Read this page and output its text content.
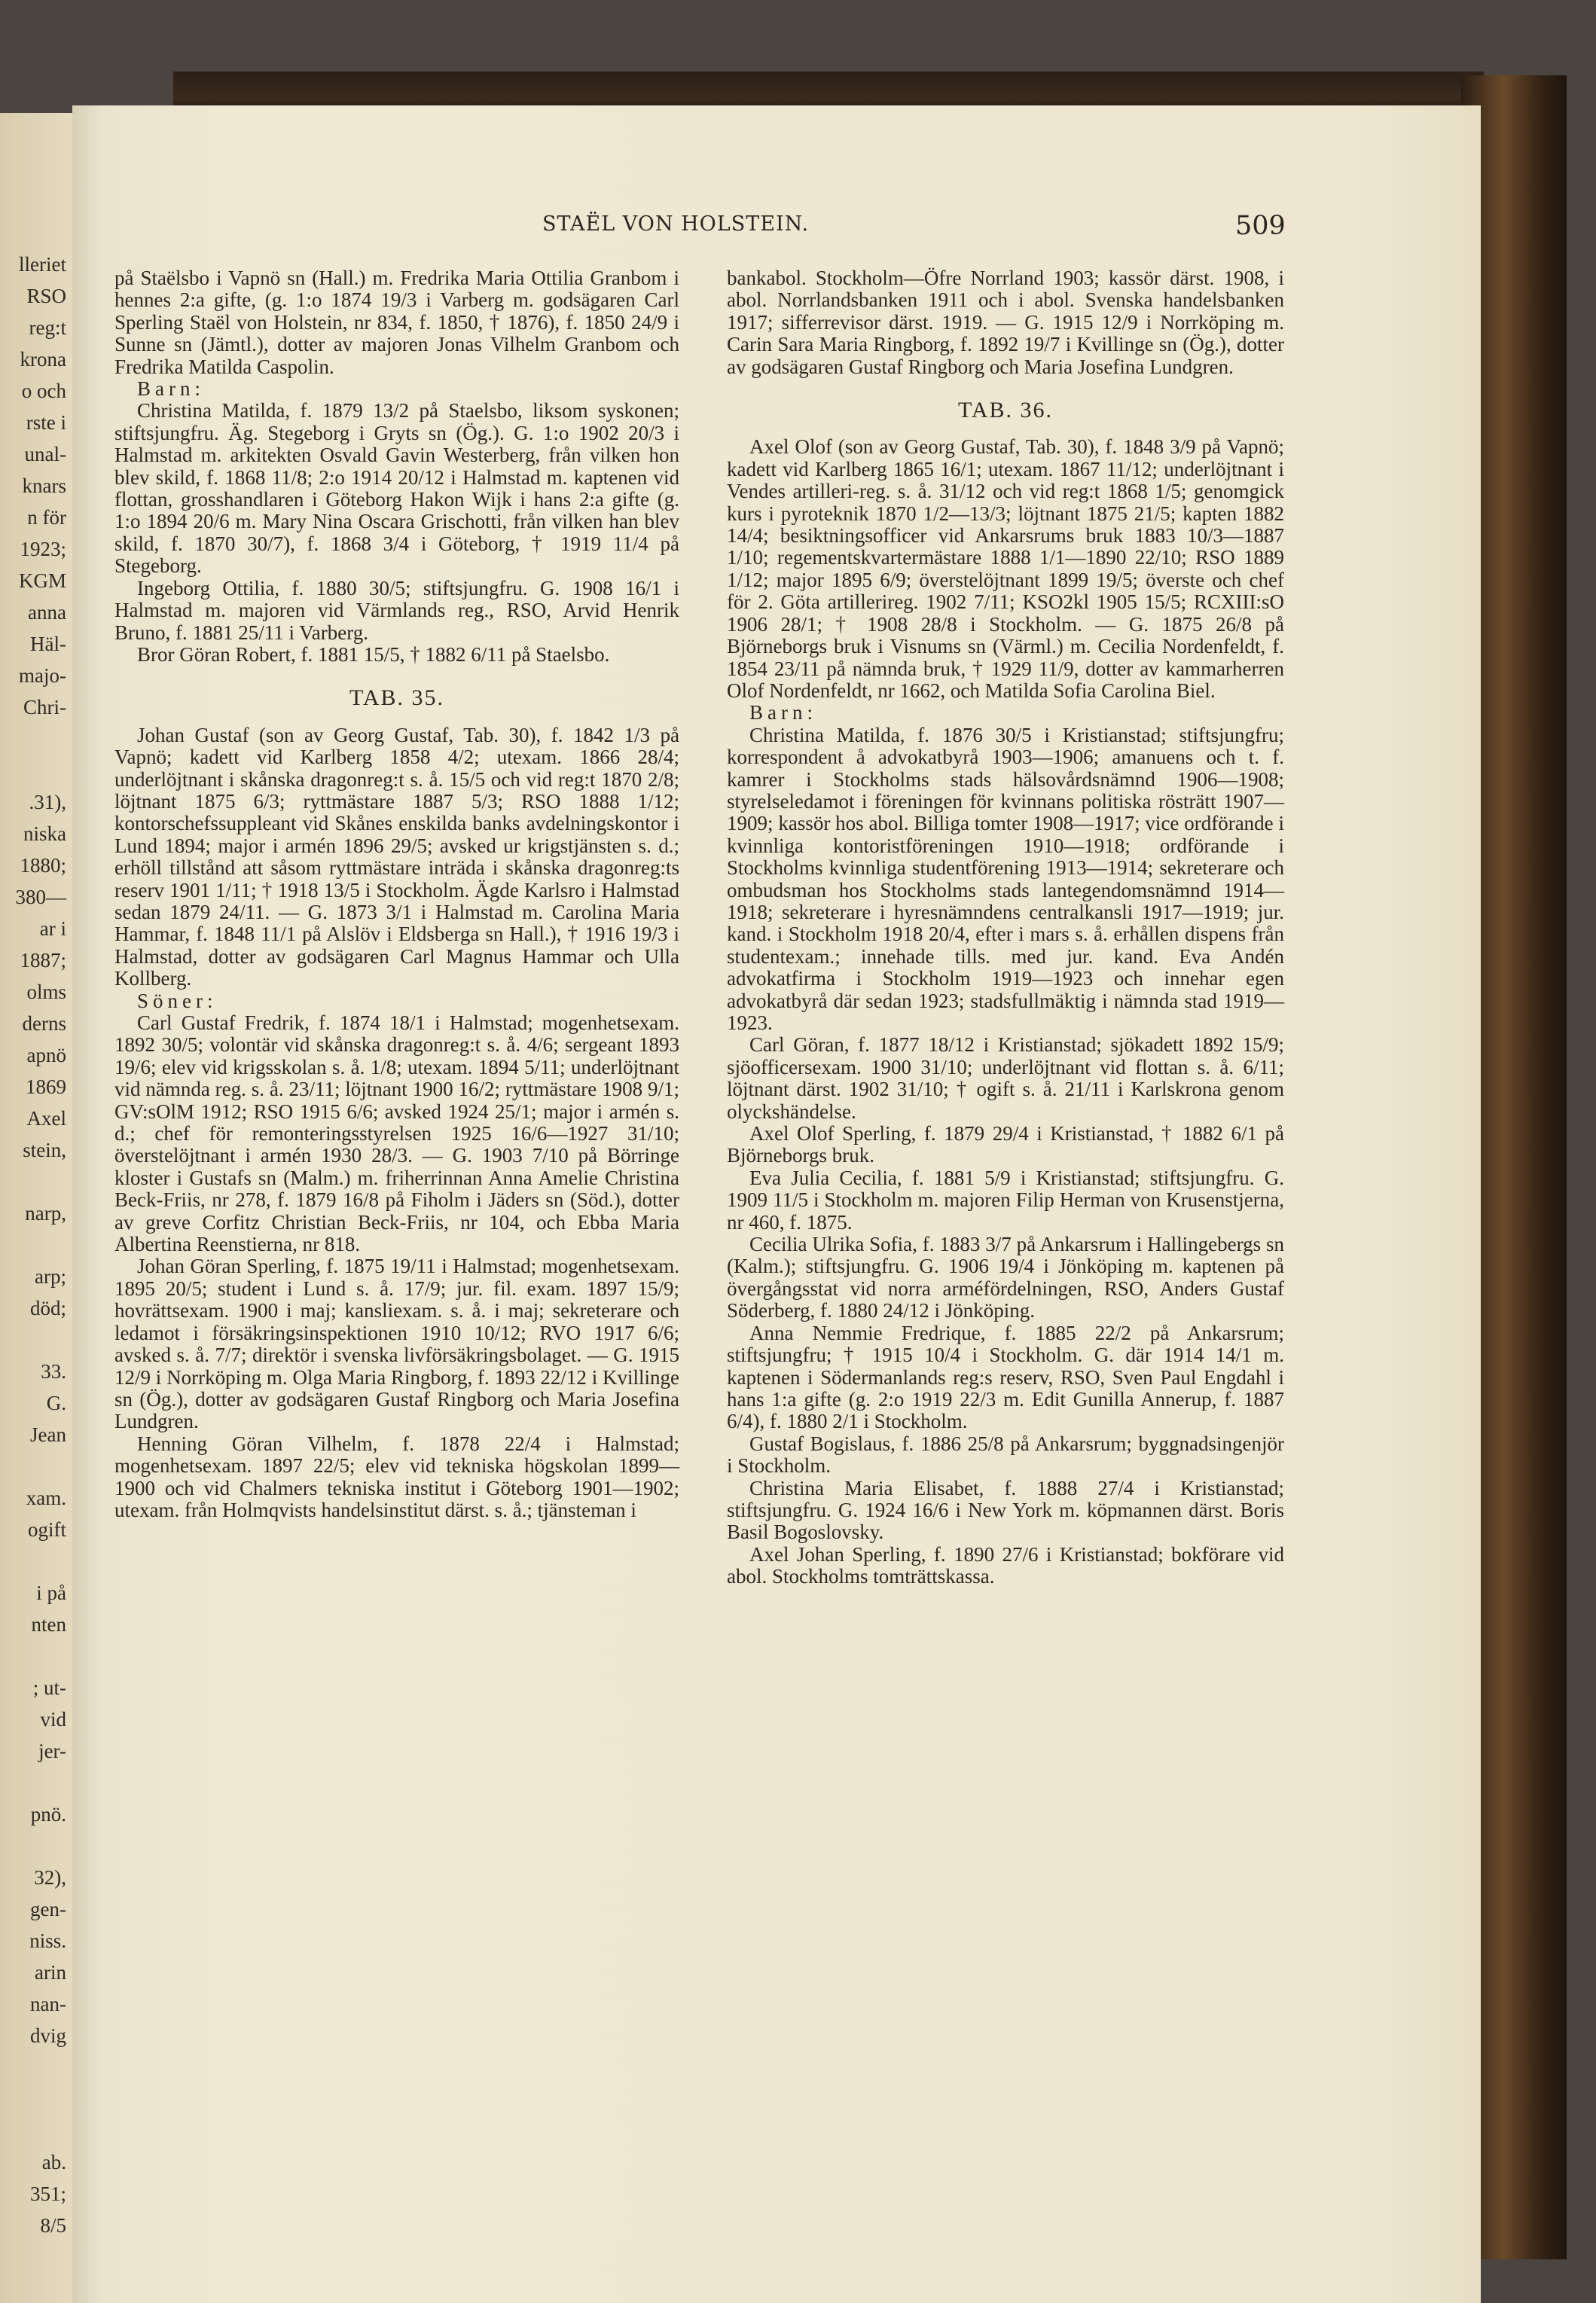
lleriet
RSO
reg:t
krona
o och
rste i
unal-
knars
n för
1923;
KGM
anna
Häl-
majo-
Chri-
.31),
niska
1880;
380—
ar i
1887;
olms
derns
apnö
1869
Axel
stein,
narp,
arp;
död;
33.
G.
Jean
xam.
ogift
i på
nten
; ut-
vid
jer-
pnö.
32),
gen-
niss.
arin
nan-
dvig
ab.
351;
8/5
STAËL VON HOLSTEIN.	509

på Staëlsbo i Vapnö sn (Hall.) m. Fredrika Maria Ottilia Granbom i hennes 2:a gifte, (g. 1:o 1874 19/3 i Varberg m. godsägaren Carl Sperling Staël von Holstein, nr 834, f. 1850, † 1876), f. 1850 24/9 i Sunne sn (Jämtl.), dotter av majoren Jonas Vilhelm Granbom och Fredrika Matilda Caspolin.

Barn:

Christina Matilda, f. 1879 13/2 på Staelsbo, liksom syskonen; stiftsjungfru. Äg. Stegeborg i Gryts sn (Ög.). G. 1:o 1902 20/3 i Halmstad m. arkitekten Osvald Gavin Westerberg, från vilken hon blev skild, f. 1868 11/8; 2:o 1914 20/12 i Halmstad m. kaptenen vid flottan, grosshandlaren i Göteborg Hakon Wijk i hans 2:a gifte (g. 1:o 1894 20/6 m. Mary Nina Oscara Grischotti, från vilken han blev skild, f. 1870 30/7), f. 1868 3/4 i Göteborg, † 1919 11/4 på Stegeborg.

Ingeborg Ottilia, f. 1880 30/5; stiftsjungfru. G. 1908 16/1 i Halmstad m. majoren vid Värmlands reg., RSO, Arvid Henrik Bruno, f. 1881 25/11 i Varberg.

Bror Göran Robert, f. 1881 15/5, † 1882 6/11 på Staelsbo.

TAB. 35.

Johan Gustaf (son av Georg Gustaf, Tab. 30), f. 1842 1/3 på Vapnö; kadett vid Karlberg 1858 4/2; utexam. 1866 28/4; underlöjtnant i skånska dragonreg:t s. å. 15/5 och vid reg:t 1870 2/8; löjtnant 1875 6/3; ryttmästare 1887 5/3; RSO 1888 1/12; kontorschefssuppleant vid Skånes enskilda banks avdelningskontor i Lund 1894; major i armén 1896 29/5; avsked ur krigstjänsten s. d.; erhöll tillstånd att såsom ryttmästare inträda i skånska dragonreg:ts reserv 1901 1/11; † 1918 13/5 i Stockholm. Ägde Karlsro i Halmstad sedan 1879 24/11. — G. 1873 3/1 i Halmstad m. Carolina Maria Hammar, f. 1848 11/1 på Alslöv i Eldsberga sn Hall.), † 1916 19/3 i Halmstad, dotter av godsägaren Carl Magnus Hammar och Ulla Kollberg.

Söner:

Carl Gustaf Fredrik, f. 1874 18/1 i Halmstad; mogenhetsexam. 1892 30/5; volontär vid skånska dragonreg:t s. å. 4/6; sergeant 1893 19/6; elev vid krigsskolan s. å. 1/8; utexam. 1894 5/11; underlöjtnant vid nämnda reg. s. å. 23/11; löjtnant 1900 16/2; ryttmästare 1908 9/1; GV:sOlM 1912; RSO 1915 6/6; avsked 1924 25/1; major i armén s. d.; chef för remonteringsstyrelsen 1925 16/6—1927 31/10; överstelöjtnant i armén 1930 28/3. — G. 1903 7/10 på Börringe kloster i Gustafs sn (Malm.) m. friherrinnan Anna Amelie Christina Beck-Friis, nr 278, f. 1879 16/8 på Fiholm i Jäders sn (Söd.), dotter av greve Corfitz Christian Beck-Friis, nr 104, och Ebba Maria Albertina Reenstierna, nr 818.

Johan Göran Sperling, f. 1875 19/11 i Halmstad; mogenhetsexam. 1895 20/5; student i Lund s. å. 17/9; jur. fil. exam. 1897 15/9; hovrättsexam. 1900 i maj; kansliexam. s. å. i maj; sekreterare och ledamot i försäkringsinspektionen 1910 10/12; RVO 1917 6/6; avsked s. å. 7/7; direktör i svenska livförsäkringsbolaget. — G. 1915 12/9 i Norrköping m. Olga Maria Ringborg, f. 1893 22/12 i Kvillinge sn (Ög.), dotter av godsägaren Gustaf Ringborg och Maria Josefina Lundgren.

Henning Göran Vilhelm, f. 1878 22/4 i Halmstad; mogenhetsexam. 1897 22/5; elev vid tekniska högskolan 1899—1900 och vid Chalmers tekniska institut i Göteborg 1901—1902; utexam. från Holmqvists handelsinstitut därst. s. å.; tjänsteman i

bankabol. Stockholm—Öfre Norrland 1903; kassör därst. 1908, i abol. Norrlandsbanken 1911 och i abol. Svenska handelsbanken 1917; sifferrevisor därst. 1919. — G. 1915 12/9 i Norrköping m. Carin Sara Maria Ringborg, f. 1892 19/7 i Kvillinge sn (Ög.), dotter av godsägaren Gustaf Ringborg och Maria Josefina Lundgren.

TAB. 36.

Axel Olof (son av Georg Gustaf, Tab. 30), f. 1848 3/9 på Vapnö; kadett vid Karlberg 1865 16/1; utexam. 1867 11/12; underlöjtnant i Vendes artilleri-reg. s. å. 31/12 och vid reg:t 1868 1/5; genomgick kurs i pyroteknik 1870 1/2—13/3; löjtnant 1875 21/5; kapten 1882 14/4; besiktningsofficer vid Ankarsrums bruk 1883 10/3—1887 1/10; regementskvartermästare 1888 1/1—1890 22/10; RSO 1889 1/12; major 1895 6/9; överstelöjtnant 1899 19/5; överste och chef för 2. Göta artillerireg. 1902 7/11; KSO2kl 1905 15/5; RCXIII:sO 1906 28/1; † 1908 28/8 i Stockholm. — G. 1875 26/8 på Björneborgs bruk i Visnums sn (Värml.) m. Cecilia Nordenfeldt, f. 1854 23/11 på nämnda bruk, † 1929 11/9, dotter av kammarherren Olof Nordenfeldt, nr 1662, och Matilda Sofia Carolina Biel.

Barn:

Christina Matilda, f. 1876 30/5 i Kristianstad; stiftsjungfru; korrespondent å advokatbyrå 1903—1906; amanuens och t. f. kamrer i Stockholms stads hälsovårdsnämnd 1906—1908; styrelseledamot i föreningen för kvinnans politiska rösträtt 1907—1909; kassör hos abol. Billiga tomter 1908—1917; vice ordförande i kvinnliga kontoristföreningen 1910—1918; ordförande i Stockholms kvinnliga studentförening 1913—1914; sekreterare och ombudsman hos Stockholms stads lantegendomsnämnd 1914—1918; sekreterare i hyresnämndens centralkansli 1917—1919; jur. kand. i Stockholm 1918 20/4, efter i mars s. å. erhållen dispens från studentexam.; innehade tills. med jur. kand. Eva Andén advokatfirma i Stockholm 1919—1923 och innehar egen advokatbyrå där sedan 1923; stadsfullmäktig i nämnda stad 1919—1923.

Carl Göran, f. 1877 18/12 i Kristianstad; sjökadett 1892 15/9; sjöofficersexam. 1900 31/10; underlöjtnant vid flottan s. å. 6/11; löjtnant därst. 1902 31/10; † ogift s. å. 21/11 i Karlskrona genom olyckshändelse.

Axel Olof Sperling, f. 1879 29/4 i Kristianstad, † 1882 6/1 på Björneborgs bruk.

Eva Julia Cecilia, f. 1881 5/9 i Kristianstad; stiftsjungfru. G. 1909 11/5 i Stockholm m. majoren Filip Herman von Krusenstjerna, nr 460, f. 1875.

Cecilia Ulrika Sofia, f. 1883 3/7 på Ankarsrum i Hallingebergs sn (Kalm.); stiftsjungfru. G. 1906 19/4 i Jönköping m. kaptenen på övergångsstat vid norra arméfördelningen, RSO, Anders Gustaf Söderberg, f. 1880 24/12 i Jönköping.

Anna Nemmie Fredrique, f. 1885 22/2 på Ankarsrum; stiftsjungfru; † 1915 10/4 i Stockholm. G. där 1914 14/1 m. kaptenen i Södermanlands reg:s reserv, RSO, Sven Paul Engdahl i hans 1:a gifte (g. 2:o 1919 22/3 m. Edit Gunilla Annerup, f. 1887 6/4), f. 1880 2/1 i Stockholm.

Gustaf Bogislaus, f. 1886 25/8 på Ankarsrum; byggnadsingenjör i Stockholm.

Christina Maria Elisabet, f. 1888 27/4 i Kristianstad; stiftsjungfru. G. 1924 16/6 i New York m. köpmannen därst. Boris Basil Bogoslovsky.

Axel Johan Sperling, f. 1890 27/6 i Kristianstad; bokförare vid abol. Stockholms tomträttskassa.
